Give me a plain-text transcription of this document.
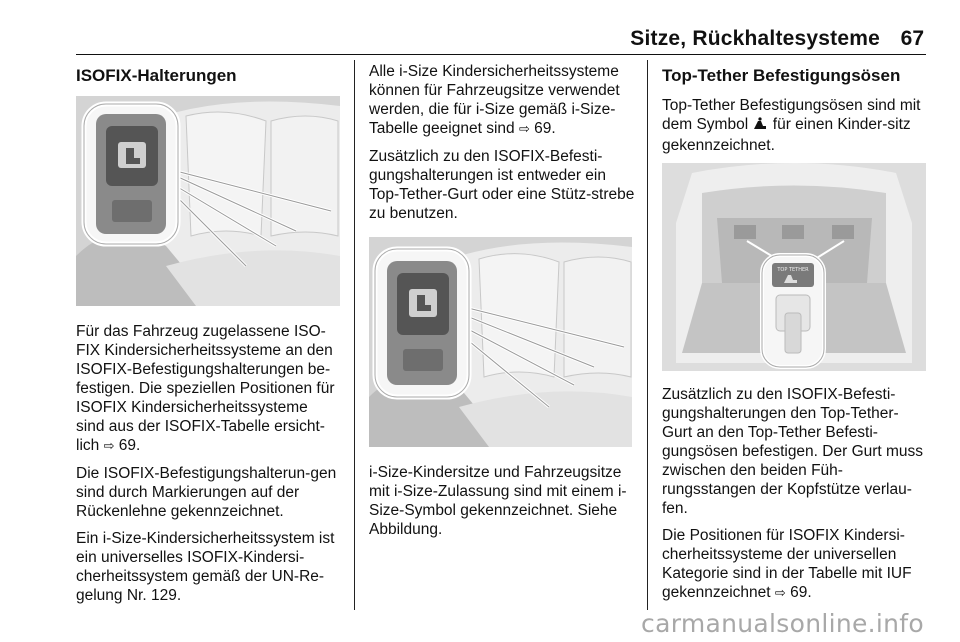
Sitze, Rückhaltesysteme 67
ISOFIX-Halterungen

Für das Fahrzeug zugelassene ISO-FIX Kindersicherheitssysteme an den ISOFIX-Befestigungshalterungen be-festigen. Die speziellen Positionen für ISOFIX Kindersicherheitssysteme sind aus der ISOFIX-Tabelle ersicht-lich ⇨ 69.

Die ISOFIX-Befestigungshalterun-gen sind durch Markierungen auf der Rückenlehne gekennzeichnet.

Ein i-Size-Kindersicherheitssystem ist ein universelles ISOFIX-Kindersi-cherheitssystem gemäß der UN-Re-gelung Nr. 129.

Alle i-Size Kindersicherheitssysteme können für Fahrzeugsitze verwendet werden, die für i-Size gemäß i-Size-Tabelle geeignet sind ⇨ 69.

Zusätzlich zu den ISOFIX-Befesti-gungshalterungen ist entweder ein Top-Tether-Gurt oder eine Stütz-strebe zu benutzen.

i-Size-Kindersitze und Fahrzeugsitze mit i-Size-Zulassung sind mit einem i-Size-Symbol gekennzeichnet. Siehe Abbildung.

Top-Tether Befestigungsösen

Top-Tether Befestigungsösen sind mit dem Symbol für einen Kinder-sitz gekennzeichnet.

TOP TETHER

Zusätzlich zu den ISOFIX-Befesti-gungshalterungen den Top-Tether-Gurt an den Top-Tether Befesti-gungsösen befestigen. Der Gurt muss zwischen den beiden Füh-rungsstangen der Kopfstütze verlau-fen.

Die Positionen für ISOFIX Kindersi-cherheitssysteme der universellen Kategorie sind in der Tabelle mit IUF gekennzeichnet ⇨ 69.

carmanualsonline.info
